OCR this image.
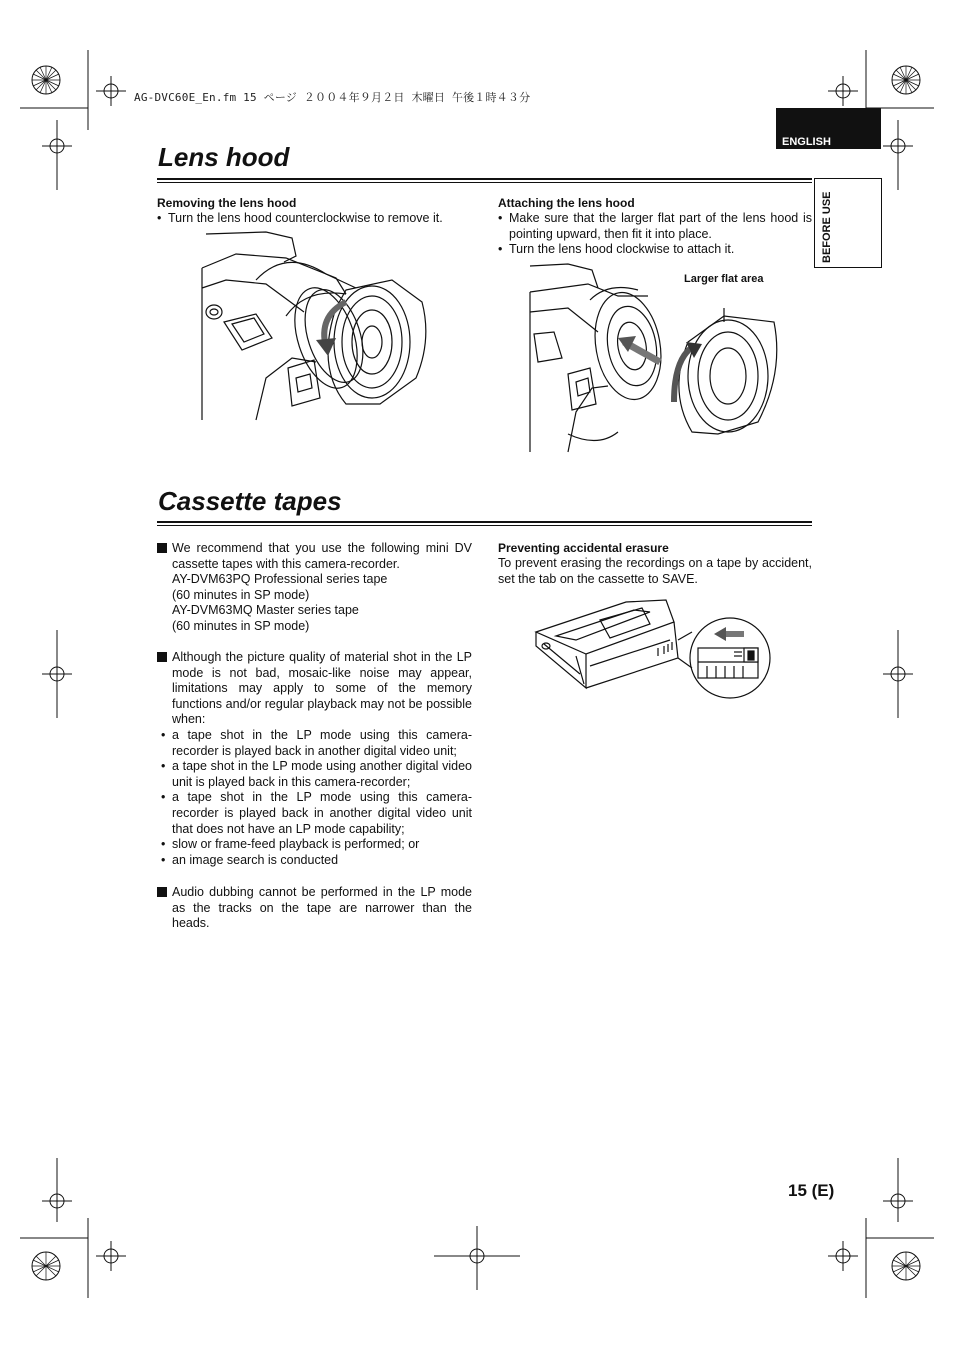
AG-DVC60E_En.fm 15 ページ ２００４年９月２日 木曜日 午後１時４３分
ENGLISH
BEFORE USE
Lens hood
Removing the lens hood
• Turn the lens hood counterclockwise to remove it.
Attaching the lens hood
• Make sure that the larger flat part of the lens hood is pointing upward, then fit it into place.
• Turn the lens hood clockwise to attach it.
Larger flat area
Cassette tapes
We recommend that you use the following mini DV cassette tapes with this camera-recorder.
AY-DVM63PQ Professional series tape
(60 minutes in SP mode)
AY-DVM63MQ Master series tape
(60 minutes in SP mode)
Although the picture quality of material shot in the LP mode is not bad, mosaic-like noise may appear, limitations may apply to some of the memory functions and/or regular playback may not be possible when:
• a tape shot in the LP mode using this camera-recorder is played back in another digital video unit;
• a tape shot in the LP mode using another digital video unit is played back in this camera-recorder;
• a tape shot in the LP mode using this camera-recorder is played back in another digital video unit that does not have an LP mode capability;
• slow or frame-feed playback is performed; or
• an image search is conducted
Audio dubbing cannot be performed in the LP mode as the tracks on the tape are narrower than the heads.
Preventing accidental erasure
To prevent erasing the recordings on a tape by accident, set the tab on the cassette to SAVE.
15 (E)
